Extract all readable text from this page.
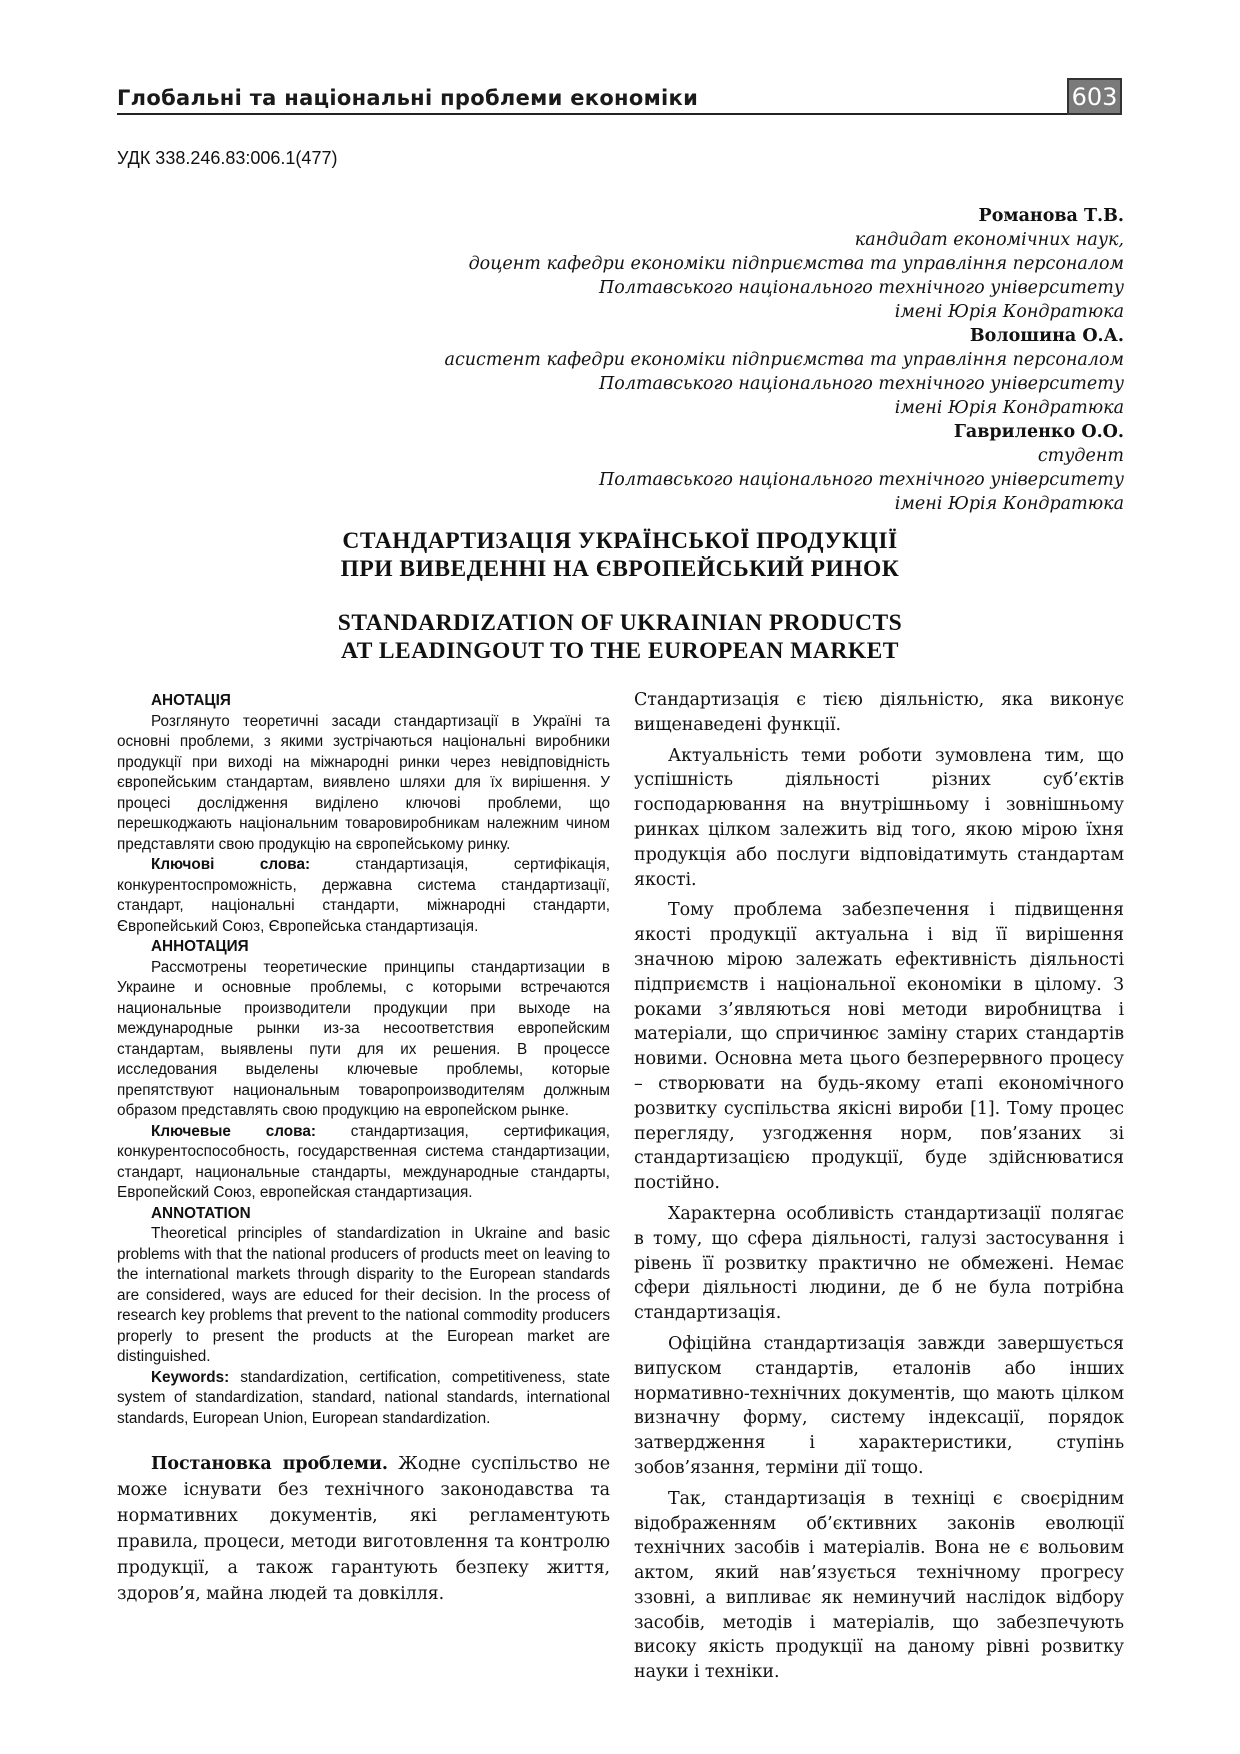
Глобальні та національні проблеми економіки	603
УДК 338.246.83:006.1(477)
Романова Т.В.
кандидат економічних наук,
доцент кафедри економіки підприємства та управління персоналом
Полтавського національного технічного університету
імені Юрія Кондратюка
Волошина О.А.
асистент кафедри економіки підприємства та управління персоналом
Полтавського національного технічного університету
імені Юрія Кондратюка
Гавриленко О.О.
студент
Полтавського національного технічного університету
імені Юрія Кондратюка
СТАНДАРТИЗАЦІЯ УКРАЇНСЬКОЇ ПРОДУКЦІЇ
ПРИ ВИВЕДЕННІ НА ЄВРОПЕЙСЬКИЙ РИНОК
STANDARDIZATION OF UKRAINIAN PRODUCTS
AT LEADINGOUT TO THE EUROPEAN MARKET
АНОТАЦІЯ

Розглянуто теоретичні засади стандартизації в Україні та основні проблеми, з якими зустрічаються національні виробники продукції при виході на міжнародні ринки через невідповідність європейським стандартам, виявлено шляхи для їх вирішення. У процесі дослідження виділено ключові проблеми, що перешкоджають національним товаровиробникам належним чином представляти свою продукцію на європейському ринку.

Ключові слова: стандартизація, сертифікація, конкурентоспроможність, державна система стандартизації, стандарт, національні стандарти, міжнародні стандарти, Європейський Союз, Європейська стандартизація.

АННОТАЦИЯ

Рассмотрены теоретические принципы стандартизации в Украине и основные проблемы, с которыми встречаются национальные производители продукции при выходе на международные рынки из-за несоответствия европейским стандартам, выявлены пути для их решения. В процессе исследования выделены ключевые проблемы, которые препятствуют национальным товаропроизводителям должным образом представлять свою продукцию на европейском рынке.

Ключевые слова: стандартизация, сертификация, конкурентоспособность, государственная система стандартизации, стандарт, национальные стандарты, международные стандарты, Европейский Союз, европейская стандартизация.

ANNOTATION

Theoretical principles of standardization in Ukraine and basic problems with that the national producers of products meet on leaving to the international markets through disparity to the European standards are considered, ways are educed for their decision. In the process of research key problems that prevent to the national commodity producers properly to present the products at the European market are distinguished.

Keywords: standardization, certification, competitiveness, state system of standardization, standard, national standards, international standards, European Union, European standardization.

Постановка проблеми. Жодне суспільство не може існувати без технічного законодавства та нормативних документів, які регламентують правила, процеси, методи виготовлення та контролю продукції, а також гарантують безпеку життя, здоров’я, майна людей та довкілля.

Стандартизація є тією діяльністю, яка виконує вищенаведені функції.

Актуальність теми роботи зумовлена тим, що успішність діяльності різних суб’єктів господарювання на внутрішньому і зовнішньому ринках цілком залежить від того, якою мірою їхня продукція або послуги відповідатимуть стандартам якості.

Тому проблема забезпечення і підвищення якості продукції актуальна і від її вирішення значною мірою залежать ефективність діяльності підприємств і національної економіки в цілому. З роками з’являються нові методи виробництва і матеріали, що спричинює заміну старих стандартів новими. Основна мета цього безперервного процесу – створювати на будь-якому етапі економічного розвитку суспільства якісні вироби [1]. Тому процес перегляду, узгодження норм, пов’язаних зі стандартизацією продукції, буде здійснюватися постійно.

Характерна особливість стандартизації полягає в тому, що сфера діяльності, галузі застосування і рівень її розвитку практично не обмежені. Немає сфери діяльності людини, де б не була потрібна стандартизація.

Офіційна стандартизація завжди завершується випуском стандартів, еталонів або інших нормативно-технічних документів, що мають цілком визначну форму, систему індексації, порядок затвердження і характеристики, ступінь зобов’язання, терміни дії тощо.

Так, стандартизація в техніці є своєрідним відображенням об’єктивних законів еволюції технічних засобів і матеріалів. Вона не є вольовим актом, який нав’язується технічному прогресу ззовні, а випливає як неминучий наслідок відбору засобів, методів і матеріалів, що забезпечують високу якість продукції на даному рівні розвитку науки і техніки.
